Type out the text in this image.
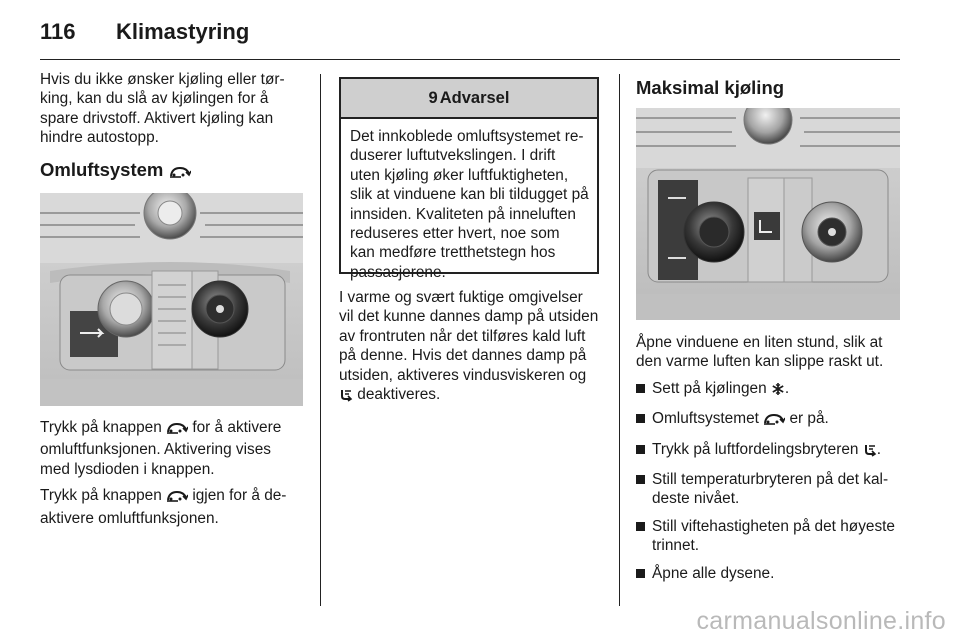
116 Klimastyring

Hvis du ikke ønsker kjøling eller tør-
king, kan du slå av kjølingen for å
spare drivstoff. Aktivert kjøling kan
hindre autostopp.

Omluftsystem

Trykk på knappen  for å aktivere
omluftfunksjonen. Aktivering vises
med lysdioden i knappen.

Trykk på knappen  igjen for å de-
aktivere omluftfunksjonen.

9 Advarsel
Det innkoblede omluftsystemet re-
duserer luftutvekslingen. I drift
uten kjøling øker luftfuktigheten,
slik at vinduene kan bli tildugget på
innsiden. Kvaliteten på inneluften
reduseres etter hvert, noe som
kan medføre tretthetstegn hos
passasjerene.

I varme og svært fuktige omgivelser
vil det kunne dannes damp på utsiden
av frontruten når det tilføres kald luft
på denne. Hvis det dannes damp på
utsiden, aktiveres vindusviskeren og
deaktiveres.

Maksimal kjøling

Åpne vinduene en liten stund, slik at
den varme luften kan slippe raskt ut.

Sett på kjølingen .
Omluftsystemet  er på.
Trykk på luftfordelingsbryteren .
Still temperaturbryteren på det kal-
deste nivået.
Still viftehastigheten på det høyeste
trinnet.
Åpne alle dysene.
carmanualsonline.info
